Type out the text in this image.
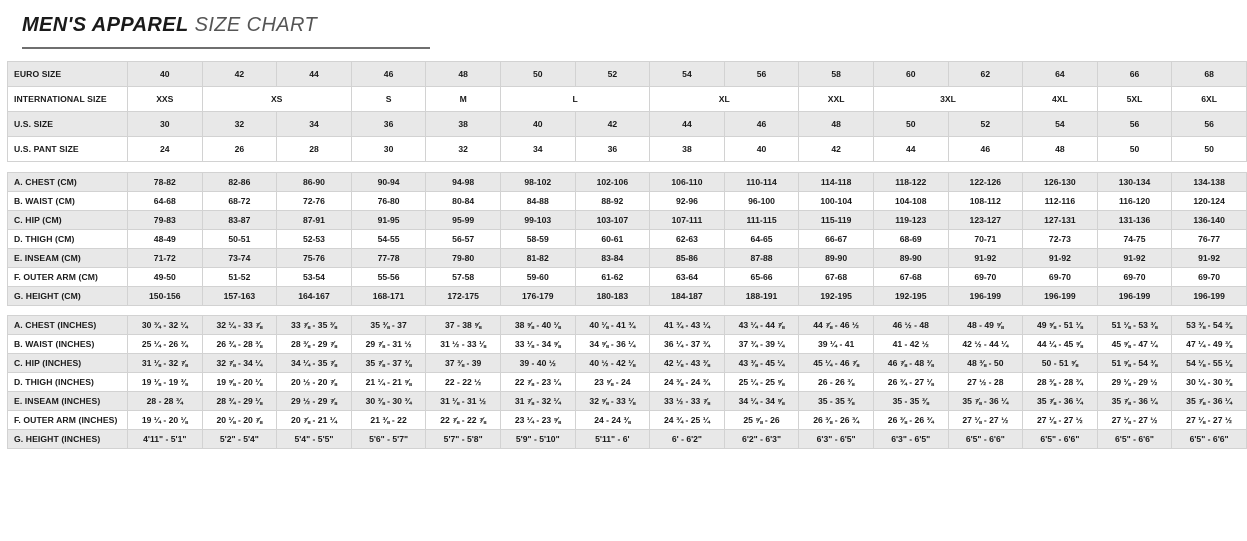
MEN'S APPAREL SIZE CHART
EURO SIZE	40	42	44	46	48	50	52	54	56	58	60	62	64	66	68
INTERNATIONAL SIZE	XXS	XS		S	M	L		XL		XXL	3XL		4XL	5XL	6XL
U.S. SIZE	30	32	34	36	38	40	42	44	46	48	50	52	54	56	56
U.S. PANT SIZE	24	26	28	30	32	34	36	38	40	42	44	46	48	50	50
A. CHEST (CM)	78-82	82-86	86-90	90-94	94-98	98-102	102-106	106-110	110-114	114-118	118-122	122-126	126-130	130-134	134-138
B. WAIST (CM)	64-68	68-72	72-76	76-80	80-84	84-88	88-92	92-96	96-100	100-104	104-108	108-112	112-116	116-120	120-124
C. HIP (CM)	79-83	83-87	87-91	91-95	95-99	99-103	103-107	107-111	111-115	115-119	119-123	123-127	127-131	131-136	136-140
D. THIGH (CM)	48-49	50-51	52-53	54-55	56-57	58-59	60-61	62-63	64-65	66-67	68-69	70-71	72-73	74-75	76-77
E. INSEAM (CM)	71-72	73-74	75-76	77-78	79-80	81-82	83-84	85-86	87-88	89-90	89-90	91-92	91-92	91-92	91-92
F. OUTER ARM (CM)	49-50	51-52	53-54	55-56	57-58	59-60	61-62	63-64	65-66	67-68	67-68	69-70	69-70	69-70	69-70
G. HEIGHT (CM)	150-156	157-163	164-167	168-171	172-175	176-179	180-183	184-187	188-191	192-195	192-195	196-199	196-199	196-199	196-199
A. CHEST (INCHES)	30 ¾ - 32 ¼	32 ¼ - 33 ⅞	33 ⅞ - 35 ⅜	35 ⅜ - 37	37 - 38 ⅝	38 ⅝ - 40 ⅛	40 ⅛ - 41 ¾	41 ¾ - 43 ¼	43 ¼ - 44 ⅞	44 ⅞ - 46 ½	46 ½ - 48	48 - 49 ⅝	49 ⅝ - 51 ⅛	51 ⅛ - 53 ⅜	53 ⅜ - 54 ⅜
B. WAIST (INCHES)	25 ¼ - 26 ¾	26 ¾ - 28 ⅜	28 ⅜ - 29 ⅞	29 ⅞ - 31 ½	31 ½ - 33 ⅛	33 ⅛ - 34 ⅝	34 ⅝ - 36 ¼	36 ¼ - 37 ¾	37 ¾ - 39 ¼	39 ¼ - 41	41 - 42 ½	42 ½ - 44 ¼	44 ¼ - 45 ⅝	45 ⅝ - 47 ¼	47 ¼ - 49 ⅜
C. HIP (INCHES)	31 ⅛ - 32 ⅞	32 ⅞ - 34 ¼	34 ¼ - 35 ⅞	35 ⅞ - 37 ⅜	37 ⅜ - 39	39 - 40 ½	40 ½ - 42 ⅛	42 ⅛ - 43 ⅜	43 ⅜ - 45 ¼	45 ¼ - 46 ⅞	46 ⅞ - 48 ⅜	48 ⅜ - 50	50 - 51 ⅝	51 ⅝ - 54 ⅜	54 ⅛ - 55 ⅛
D. THIGH (INCHES)	19 ⅛ - 19 ⅜	19 ⅝ - 20 ⅛	20 ½ - 20 ⅞	21 ¼ - 21 ⅝	22 - 22 ½	22 ⅞ - 23 ¼	23 ⅝ - 24	24 ⅜ - 24 ¾	25 ¼ - 25 ⅝	26 - 26 ⅜	26 ¾ - 27 ⅛	27 ½ - 28	28 ⅜ - 28 ¾	29 ⅛ - 29 ½	30 ¼ - 30 ⅜
E. INSEAM (INCHES)	28 - 28 ¾	28 ¾ - 29 ⅛	29 ½ - 29 ⅞	30 ⅜ - 30 ¾	31 ⅛ - 31 ½	31 ⅞ - 32 ¼	32 ⅝ - 33 ⅛	33 ½ - 33 ⅞	34 ¼ - 34 ⅝	35 - 35 ⅜	35 - 35 ⅜	35 ⅞ - 36 ¼	35 ⅞ - 36 ¼	35 ⅞ - 36 ¼	35 ⅞ - 36 ¼
F. OUTER ARM (INCHES)	19 ¼ - 20 ⅛	20 ⅛ - 20 ⅞	20 ⅞ - 21 ¼	21 ⅜ - 22	22 ⅞ - 22 ⅞	23 ¼ - 23 ⅝	24 - 24 ⅜	24 ¾ - 25 ¼	25 ⅝ - 26	26 ⅜ - 26 ¾	26 ⅜ - 26 ¾	27 ⅛ - 27 ½	27 ⅛ - 27 ½	27 ⅛ - 27 ½	27 ⅛ - 27 ½
G. HEIGHT (INCHES)	4'11" - 5'1"	5'2" - 5'4"	5'4" - 5'5"	5'6" - 5'7"	5'7" - 5'8"	5'9" - 5'10"	5'11" - 6'	6' - 6'2"	6'2" - 6'3"	6'3" - 6'5"	6'3" - 6'5"	6'5" - 6'6"	6'5" - 6'6"	6'5" - 6'6"	6'5" - 6'6"
